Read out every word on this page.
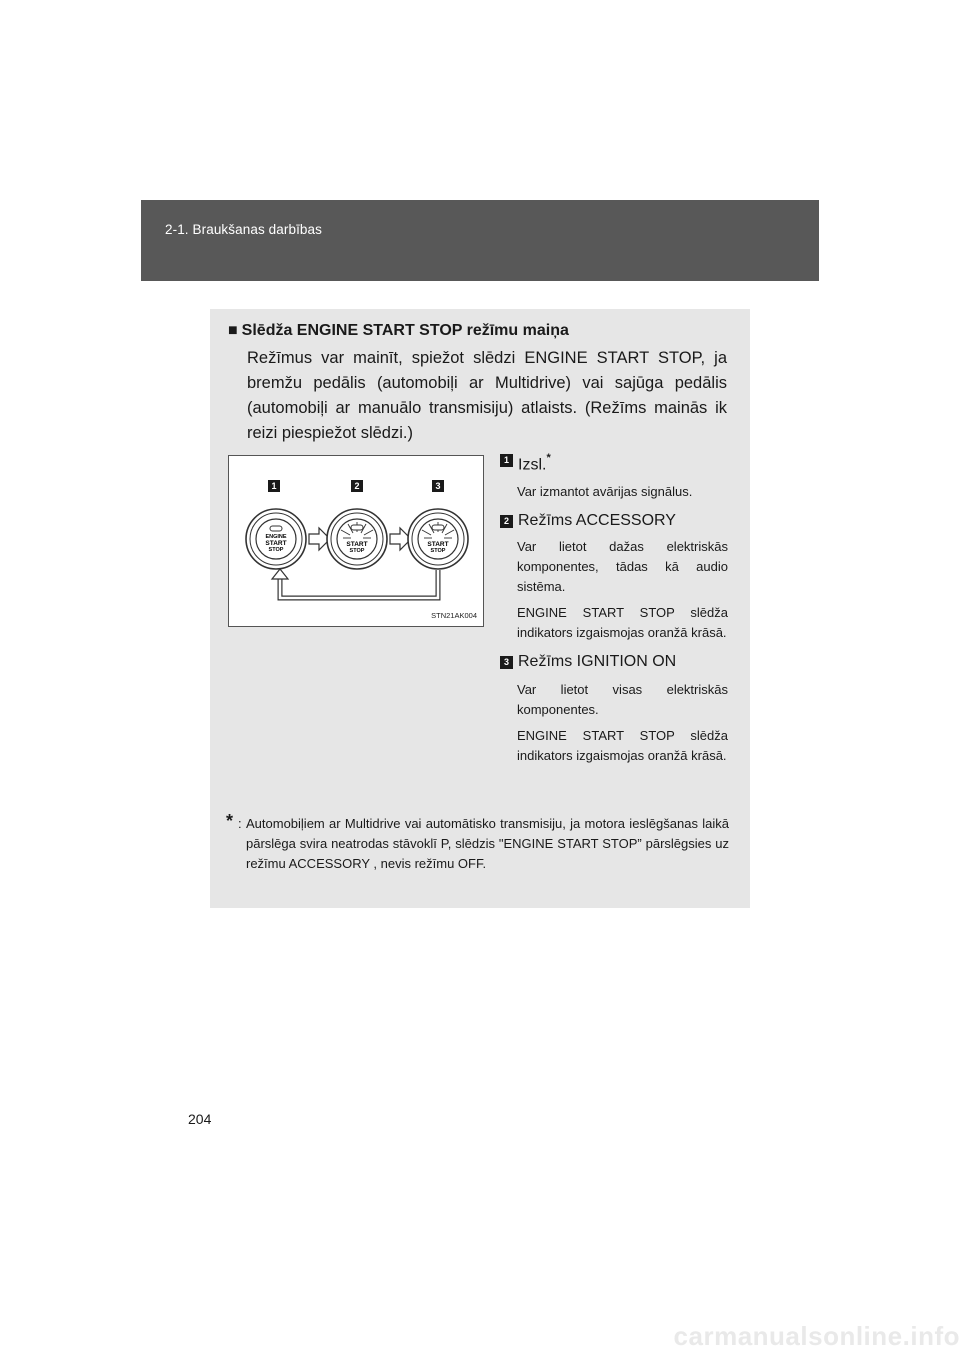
2-1. Braukšanas darbības
■ Slēdža ENGINE START STOP režīmu maiņa
Režīmus var mainīt, spiežot slēdzi ENGINE START STOP, ja bremžu pedālis (automobiļi ar Multidrive) vai sajūga pedālis (automobiļi ar manuālo transmisiju) atlaists. (Režīms mainās ik reizi piespiežot slēdzi.)
1	2	3
ENGINE
START
STOP
START
STOP
START
STOP
STN21AK004
1 Izsl.*
Var izmantot avārijas signālus.
2 Režīms ACCESSORY
Var lietot dažas elektriskās komponentes, tādas kā audio sistēma.
ENGINE START STOP slēdža indikators izgaismojas oranžā krāsā.
3 Režīms IGNITION ON
Var lietot visas elektriskās komponentes.
ENGINE START STOP slēdža indikators izgaismojas oranžā krāsā.
* : Automobiļiem ar Multidrive vai automātisko transmisiju, ja motora ieslēgšanas laikā pārslēga svira neatrodas stāvoklī P, slēdzis "ENGINE START STOP” pārslēgsies uz režīmu ACCESSORY , nevis režīmu OFF.
204
carmanualsonline.info
